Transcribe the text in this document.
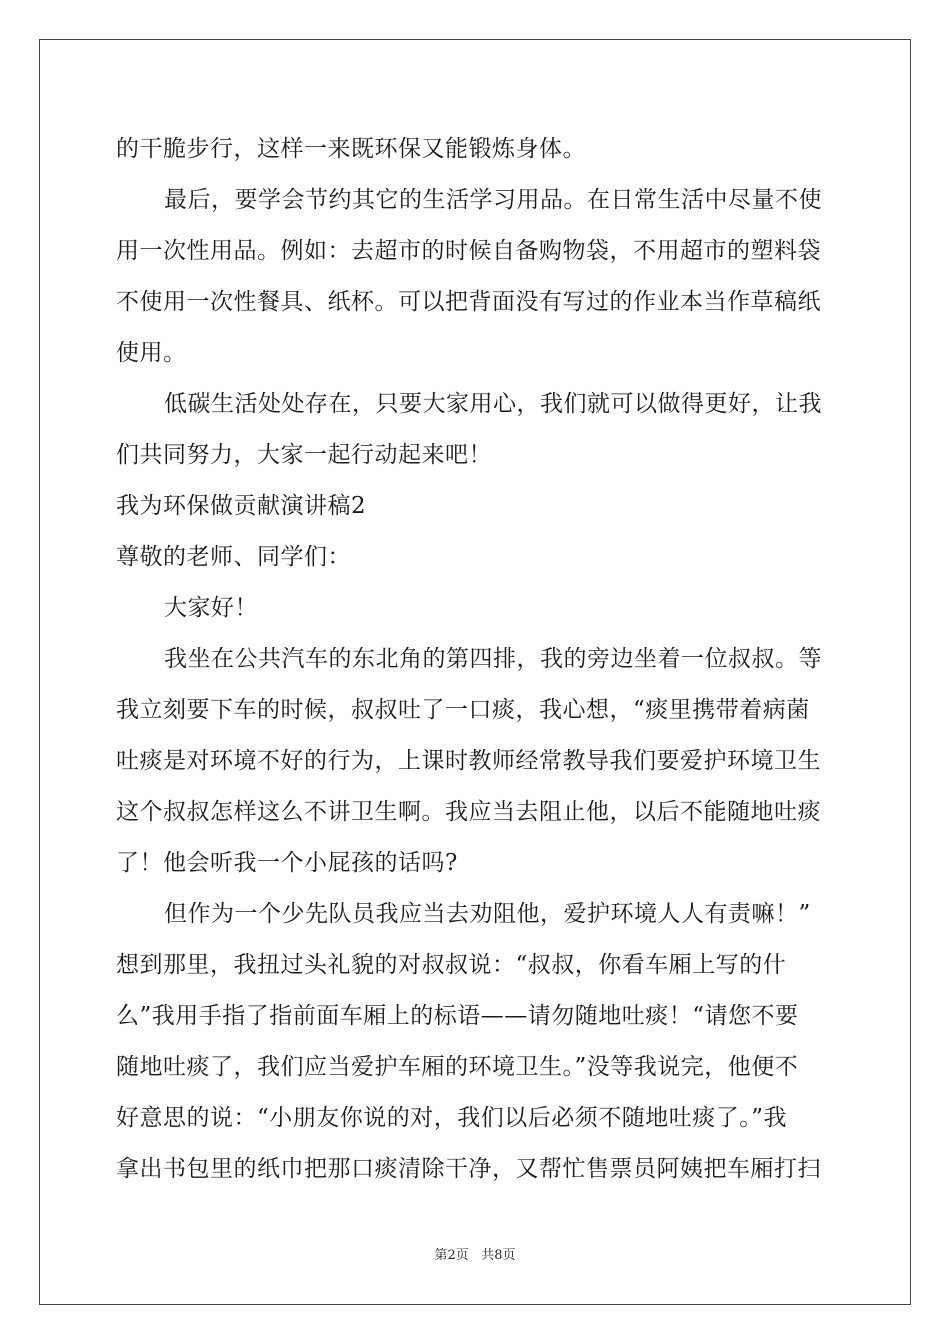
的干脆步行，这样一来既环保又能锻炼身体。
最后，要学会节约其它的生活学习用品。在日常生活中尽量不使
用一次性用品。例如：去超市的时候自备购物袋，不用超市的塑料袋
不使用一次性餐具、纸杯。可以把背面没有写过的作业本当作草稿纸
使用。
低碳生活处处存在，只要大家用心，我们就可以做得更好，让我
们共同努力，大家一起行动起来吧！
我为环保做贡献演讲稿2
尊敬的老师、同学们：
大家好！
我坐在公共汽车的东北角的第四排，我的旁边坐着一位叔叔。等
我立刻要下车的时候，叔叔吐了一口痰，我心想，“痰里携带着病菌
吐痰是对环境不好的行为，上课时教师经常教导我们要爱护环境卫生
这个叔叔怎样这么不讲卫生啊。我应当去阻止他，以后不能随地吐痰
了！他会听我一个小屁孩的话吗?
但作为一个少先队员我应当去劝阻他，爱护环境人人有责嘛！”
想到那里，我扭过头礼貌的对叔叔说：“叔叔，你看车厢上写的什
么”我用手指了指前面车厢上的标语——请勿随地吐痰！“请您不要
随地吐痰了，我们应当爱护车厢的环境卫生。”没等我说完，他便不
好意思的说：“小朋友你说的对，我们以后必须不随地吐痰了。”我
拿出书包里的纸巾把那口痰清除干净，又帮忙售票员阿姨把车厢打扫
第2页 共8页
